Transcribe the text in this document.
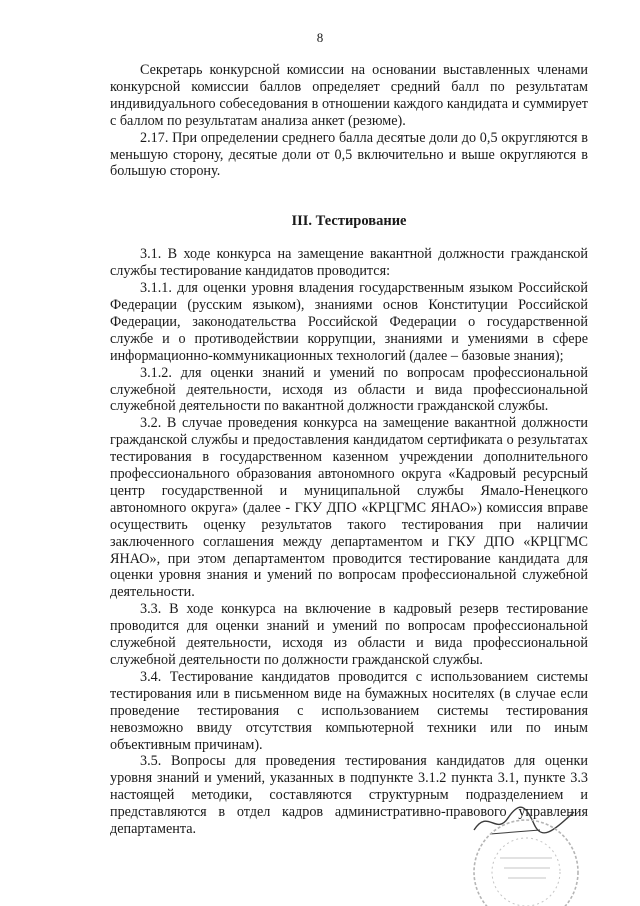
8

Секретарь конкурсной комиссии на основании выставленных членами конкурсной комиссии баллов определяет средний балл по результатам индивидуального собеседования в отношении каждого кандидата и суммирует с баллом по результатам анализа анкет (резюме).

2.17. При определении среднего балла десятые доли до 0,5 округляются в меньшую сторону, десятые доли от 0,5 включительно и выше округляются в большую сторону.

III. Тестирование

3.1. В ходе конкурса на замещение вакантной должности гражданской службы тестирование кандидатов проводится:

3.1.1. для оценки уровня владения государственным языком Российской Федерации (русским языком), знаниями основ Конституции Российской Федерации, законодательства Российской Федерации о государственной службе и о противодействии коррупции, знаниями и умениями в сфере информационно-коммуникационных технологий (далее – базовые знания);

3.1.2. для оценки знаний и умений по вопросам профессиональной служебной деятельности, исходя из области и вида профессиональной служебной деятельности по вакантной должности гражданской службы.

3.2. В случае проведения конкурса на замещение вакантной должности гражданской службы и предоставления кандидатом сертификата о результатах тестирования в государственном казенном учреждении дополнительного профессионального образования автономного округа «Кадровый ресурсный центр государственной и муниципальной службы Ямало-Ненецкого автономного округа» (далее - ГКУ ДПО «КРЦГМС ЯНАО») комиссия вправе осуществить оценку результатов такого тестирования при наличии заключенного соглашения между департаментом и ГКУ ДПО «КРЦГМС ЯНАО», при этом департаментом проводится тестирование кандидата для оценки уровня знания и умений по вопросам профессиональной служебной деятельности.

3.3. В ходе конкурса на включение в кадровый резерв тестирование проводится для оценки знаний и умений по вопросам профессиональной служебной деятельности, исходя из области и вида профессиональной служебной деятельности по должности гражданской службы.

3.4. Тестирование кандидатов проводится с использованием системы тестирования или в письменном виде на бумажных носителях (в случае если проведение тестирования с использованием системы тестирования невозможно ввиду отсутствия компьютерной техники или по иным объективным причинам).

3.5. Вопросы для проведения тестирования кандидатов для оценки уровня знаний и умений, указанных в подпункте 3.1.2 пункта 3.1, пункте 3.3 настоящей методики, составляются структурным подразделением и представляются в отдел кадров административно-правового управления департамента.
